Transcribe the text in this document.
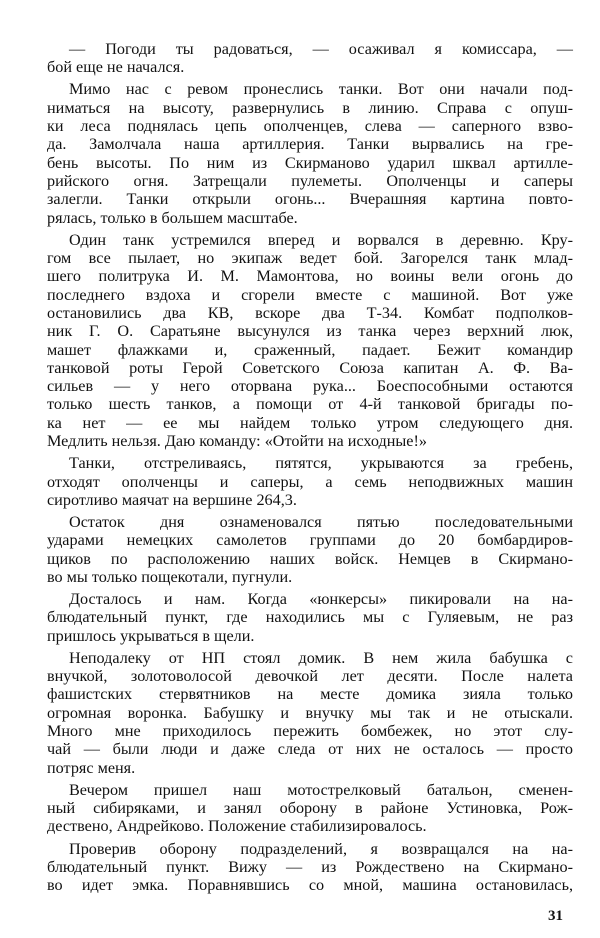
— Погоди ты радоваться, — осаживал я комиссара, —
бой еще не начался.
Мимо нас с ревом пронеслись танки. Вот они начали под-
ниматься на высоту, развернулись в линию. Справа с опуш-
ки леса поднялась цепь ополченцев, слева — саперного взво-
да. Замолчала наша артиллерия. Танки вырвались на гре-
бень высоты. По ним из Скирманово ударил шквал артилле-
рийского огня. Затрещали пулеметы. Ополченцы и саперы
залегли. Танки открыли огонь... Вчерашняя картина повто-
рялась, только в большем масштабе.
Один танк устремился вперед и ворвался в деревню. Кру-
гом все пылает, но экипаж ведет бой. Загорелся танк млад-
шего политрука И. М. Мамонтова, но воины вели огонь до
последнего вздоха и сгорели вместе с машиной. Вот уже
остановились два КВ, вскоре два Т-34. Комбат подполков-
ник Г. О. Саратьяне высунулся из танка через верхний люк,
машет флажками и, сраженный, падает. Бежит командир
танковой роты Герой Советского Союза капитан А. Ф. Ва-
сильев — у него оторвана рука... Боеспособными остаются
только шесть танков, а помощи от 4-й танковой бригады по-
ка нет — ее мы найдем только утром следующего дня.
Медлить нельзя. Даю команду: «Отойти на исходные!»
Танки, отстреливаясь, пятятся, укрываются за гребень,
отходят ополченцы и саперы, а семь неподвижных машин
сиротливо маячат на вершине 264,3.
Остаток дня ознаменовался пятью последовательными
ударами немецких самолетов группами до 20 бомбардиров-
щиков по расположению наших войск. Немцев в Скирмано-
во мы только пощекотали, пугнули.
Досталось и нам. Когда «юнкерсы» пикировали на на-
блюдательный пункт, где находились мы с Гуляевым, не раз
пришлось укрываться в щели.
Неподалеку от НП стоял домик. В нем жила бабушка с
внучкой, золотоволосой девочкой лет десяти. После налета
фашистских стервятников на месте домика зияла только
огромная воронка. Бабушку и внучку мы так и не отыскали.
Много мне приходилось пережить бомбежек, но этот слу-
чай — были люди и даже следа от них не осталось — просто
потряс меня.
Вечером пришел наш мотострелковый батальон, сменен-
ный сибиряками, и занял оборону в районе Устиновка, Рож-
дествено, Андрейково. Положение стабилизировалось.
Проверив оборону подразделений, я возвращался на на-
блюдательный пункт. Вижу — из Рождествено на Скирмано-
во идет эмка. Поравнявшись со мной, машина остановилась,
31
